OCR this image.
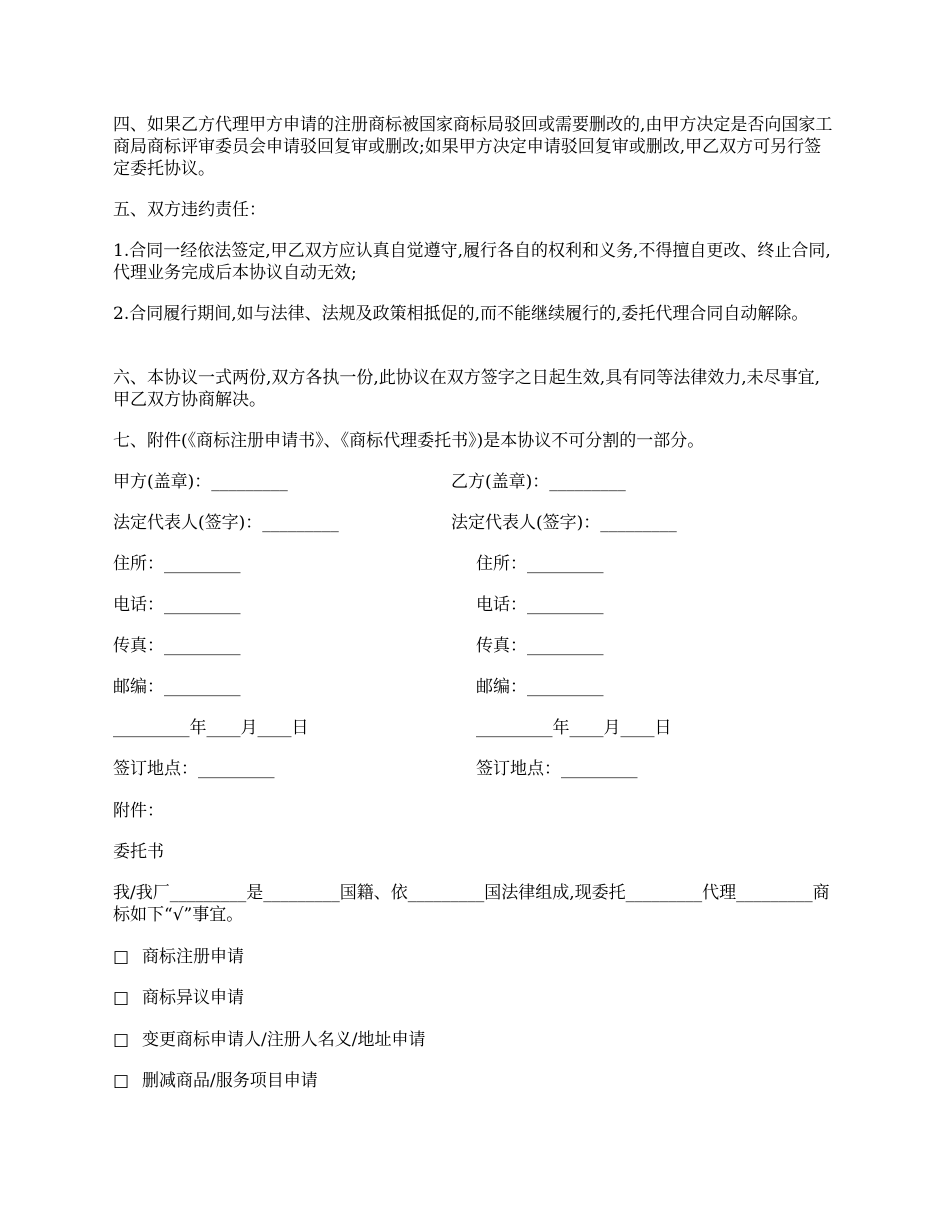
四、如果乙方代理甲方申请的注册商标被国家商标局驳回或需要删改的,由甲方决定是否向国家工商局商标评审委员会申请驳回复审或删改;如果甲方决定申请驳回复审或删改,甲乙双方可另行签定委托协议。

五、双方违约责任：

1.合同一经依法签定,甲乙双方应认真自觉遵守,履行各自的权利和义务,不得擅自更改、终止合同,代理业务完成后本协议自动无效;

2.合同履行期间,如与法律、法规及政策相抵促的,而不能继续履行的,委托代理合同自动解除。

六、本协议一式两份,双方各执一份,此协议在双方签字之日起生效,具有同等法律效力,未尽事宜,甲乙双方协商解决。

七、附件(《商标注册申请书》、《商标代理委托书》)是本协议不可分割的一部分。

甲方(盖章)：_________	乙方(盖章)：_________
法定代表人(签字)：_________	法定代表人(签字)：_________
住所：_________	住所：_________
电话：_________	电话：_________
传真：_________	传真：_________
邮编：_________	邮编：_________
_________年____月____日	_________年____月____日
签订地点：_________	签订地点：_________

附件：

委托书

我/我厂_________是_________国籍、依_________国法律组成,现委托_________代理_________商标如下“√”事宜。

□ 商标注册申请
□ 商标异议申请
□ 变更商标申请人/注册人名义/地址申请
□ 删减商品/服务项目申请
